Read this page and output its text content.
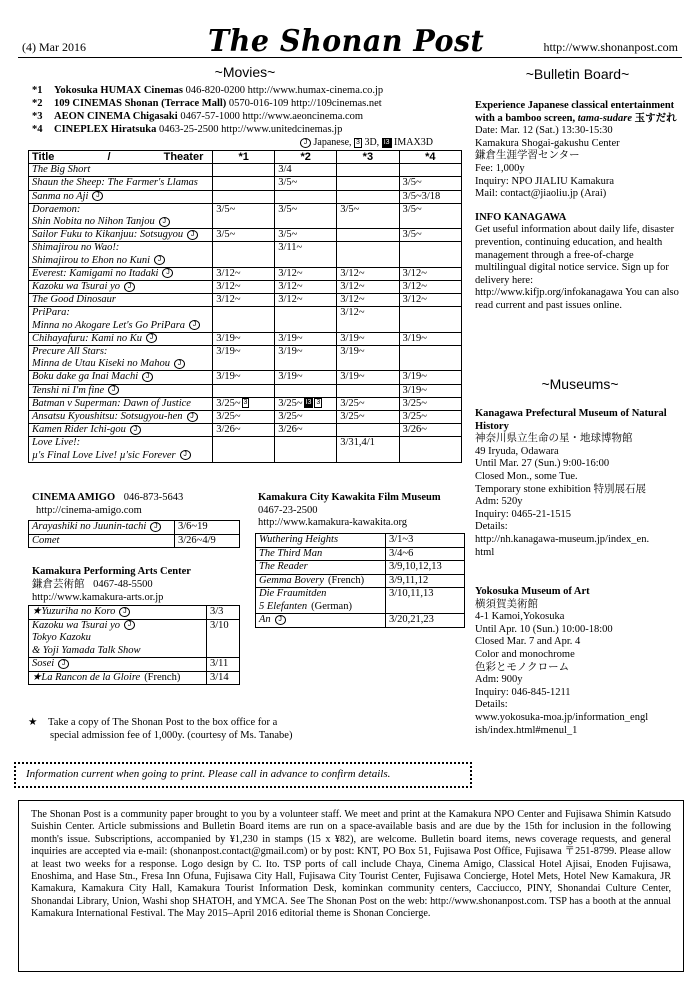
(4) Mar 2016	The Shonan Post	http://www.shonanpost.com
~Movies~
*1 Yokosuka HUMAX Cinemas 046-820-0200 http://www.humax-cinema.co.jp
*2 109 CINEMAS Shonan (Terrace Mall) 0570-016-109 http://109cinemas.net
*3 AEON CINEMA Chigasaki 0467-57-1000 http://www.aeoncinema.com
*4 CINEPLEX Hiratsuka 0463-25-2500 http://www.unitedcinemas.jp
J Japanese, 3 3D, I3 IMAX3D
Title / Theater	*1	*2	*3	*4
The Big Short		3/4		
Shaun the Sheep: The Farmer's Llamas		3/5~		3/5~
Sanma no Aji J				3/5~3/18
Doraemon:
Shin Nobita no Nihon Tanjou J	3/5~	3/5~	3/5~	3/5~
Sailor Fuku to Kikanjuu: Sotsugyou J	3/5~	3/5~		3/5~
Shimajirou no Wao!:
Shimajirou to Ehon no Kuni J		3/11~		
Everest: Kamigami no Itadaki J	3/12~	3/12~	3/12~	3/12~
Kazoku wa Tsurai yo J	3/12~	3/12~	3/12~	3/12~
The Good Dinosaur	3/12~	3/12~	3/12~	3/12~
PriPara:
Minna no Akogare Let's Go PriPara J			3/12~	
Chihayafuru: Kami no Ku J	3/19~	3/19~	3/19~	3/19~
Precure All Stars:
Minna de Utau Kiseki no Mahou J	3/19~	3/19~	3/19~	
Boku dake ga Inai Machi J	3/19~	3/19~	3/19~	3/19~
Tenshi ni I'm fine J				3/19~
Batman v Superman: Dawn of Justice	3/25~ 3	3/25~ I3 3	3/25~	3/25~
Ansatsu Kyoushitsu: Sotsugyou-hen J	3/25~	3/25~	3/25~	3/25~
Kamen Rider Ichi-gou J	3/26~	3/26~		3/26~
Love Live!:
µ's Final Love Live! µ'sic Forever J			3/31,4/1	
CINEMA AMIGO 046-873-5643
http://cinema-amigo.com
Arayashiki no Juunin-tachi J	3/6~19
Comet	3/26~4/9
Kamakura Performing Arts Center
鎌倉芸術館 0467-48-5500
http://www.kamakura-arts.or.jp
★Yuzuriha no Koro J	3/3
Kazoku wa Tsurai yo J
Tokyo Kazoku
& Yoji Yamada Talk Show	3/10
Sosei J	3/11
★La Rancon de la Gloire (French)	3/14
Kamakura City Kawakita Film Museum
0467-23-2500
http://www.kamakura-kawakita.org
Wuthering Heights	3/1~3
The Third Man	3/4~6
The Reader	3/9,10,12,13
Gemma Bovery (French)	3/9,11,12
Die Fraumitden
5 Elefanten (German)	3/10,11,13
An J	3/20,21,23
★ Take a copy of The Shonan Post to the box office for a
special admission fee of 1,000y. (courtesy of Ms. Tanabe)
~Bulletin Board~
Experience Japanese classical entertainment with a bamboo screen, tama-sudare 玉すだれ
Date: Mar. 12 (Sat.) 13:30-15:30
Kamakura Shogai-gakushu Center
鎌倉生涯学習センター
Fee: 1,000y
Inquiry: NPO JIALIU Kamakura
Mail: contact@jiaoliu.jp (Arai)
INFO KANAGAWA
Get useful information about daily life, disaster prevention, continuing education, and health management through a free-of-charge multilingual digital notice service. Sign up for delivery here: http://www.kifjp.org/infokanagawa You can also read current and past issues online.
~Museums~
Kanagawa Prefectural Museum of Natural History
神奈川県立生命の星・地球博物館
49 Iryuda, Odawara
Until Mar. 27 (Sun.) 9:00-16:00
Closed Mon., some Tue.
Temporary stone exhibition 特別展石展
Adm: 520y
Inquiry: 0465-21-1515
Details:
http://nh.kanagawa-museum.jp/index_en.
html
Yokosuka Museum of Art
横須賀美術館
4-1 Kamoi,Yokosuka
Until Apr. 10 (Sun.) 10:00-18:00
Closed Mar. 7 and Apr. 4
Color and monochrome
色彩とモノクローム
Adm: 900y
Inquiry: 046-845-1211
Details:
www.yokosuka-moa.jp/information_engl
ish/index.html#menul_1
Information current when going to print. Please call in advance to confirm details.

The Shonan Post is a community paper brought to you by a volunteer staff. We meet and print at the Kamakura NPO Center and Fujisawa Shimin Katsudo Suishin Center. Article submissions and Bulletin Board items are run on a space-available basis and are due by the 15th for inclusion in the following month's issue. Subscriptions, accompanied by ¥1,230 in stamps (15 x ¥82), are welcome. Bulletin board items, news coverage requests, and general inquiries are accepted via e-mail: (shonanpost.contact@gmail.com) or by post: KNT, PO Box 51, Fujisawa Post Office, Fujisawa 〒251-8799. Please allow at least two weeks for a response. Logo design by C. Ito. TSP ports of call include Chaya, Cinema Amigo, Classical Hotel Ajisai, Enoden Fujisawa, Enoshima, and Hase Stn., Fresa Inn Ofuna, Fujisawa City Hall, Fujisawa City Tourist Center, Fujisawa Concierge, Hotel Mets, Hotel New Kamakura, JR Kamakura, Kamakura City Hall, Kamakura Tourist Information Desk, kominkan community centers, Cacciucco, PINY, Shonandai Culture Center, Shonandai Library, Union, Washi shop SHATOH, and YMCA. See The Shonan Post on the web: http://www.shonanpost.com. TSP has a booth at the annual Kamakura International Festival. The May 2015–April 2016 editorial theme is Shonan Concierge.
